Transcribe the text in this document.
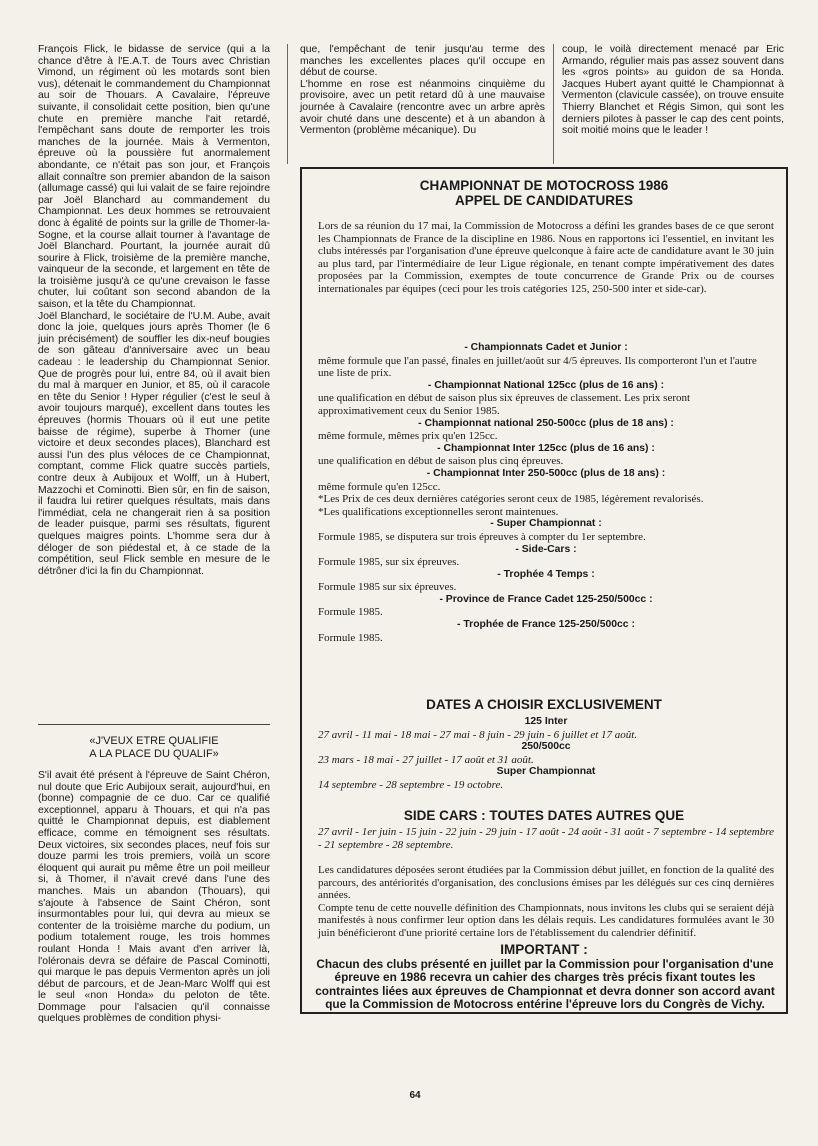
François Flick, le bidasse de service (qui a la chance d'être à l'E.A.T. de Tours avec Christian Vimond, un régiment où les motards sont bien vus), détenait le commandement du Championnat au soir de Thouars. A Cavalaire, l'épreuve suivante, il consolidait cette position, bien qu'une chute en première manche l'ait retardé, l'empêchant sans doute de remporter les trois manches de la journée. Mais à Vermenton, épreuve où la poussière fut anormalement abondante, ce n'était pas son jour, et François allait connaître son premier abandon de la saison (allumage cassé) qui lui valait de se faire rejoindre par Joël Blanchard au commandement du Championnat. Les deux hommes se retrouvaient donc à égalité de points sur la grille de Thomer-la-Sogne, et la course allait tourner à l'avantage de Joël Blanchard. Pourtant, la journée aurait dû sourire à Flick, troisième de la première manche, vainqueur de la seconde, et largement en tête de la troisième jusqu'à ce qu'une crevaison le fasse chuter, lui coûtant son second abandon de la saison, et la tête du Championnat.

Joël Blanchard, le sociétaire de l'U.M. Aube, avait donc la joie, quelques jours après Thomer (le 6 juin précisément) de souffler les dix-neuf bougies de son gâteau d'anniversaire avec un beau cadeau : le leadership du Championnat Senior. Que de progrès pour lui, entre 84, où il avait bien du mal à marquer en Junior, et 85, où il caracole en tête du Senior ! Hyper régulier (c'est le seul à avoir toujours marqué), excellent dans toutes les épreuves (hormis Thouars où il eut une petite baisse de régime), superbe à Thomer (une victoire et deux secondes places), Blanchard est aussi l'un des plus véloces de ce Championnat, comptant, comme Flick quatre succès partiels, contre deux à Aubijoux et Wolff, un à Hubert, Mazzochi et Cominotti. Bien sûr, en fin de saison, il faudra lui retirer quelques résultats, mais dans l'immédiat, cela ne changerait rien à sa position de leader puisque, parmi ses résultats, figurent quelques maigres points. L'homme sera dur à déloger de son piédestal et, à ce stade de la compétition, seul Flick semble en mesure de le détrôner d'ici la fin du Championnat.

«J'VEUX ETRE QUALIFIE
A LA PLACE DU QUALIF»

S'il avait été présent à l'épreuve de Saint Chéron, nul doute que Eric Aubijoux serait, aujourd'hui, en (bonne) compagnie de ce duo. Car ce qualifié exceptionnel, apparu à Thouars, et qui n'a pas quitté le Championnat depuis, est diablement efficace, comme en témoignent ses résultats. Deux victoires, six secondes places, neuf fois sur douze parmi les trois premiers, voilà un score éloquent qui aurait pu même être un poil meilleur si, à Thomer, il n'avait crevé dans l'une des manches. Mais un abandon (Thouars), qui s'ajoute à l'absence de Saint Chéron, sont insurmontables pour lui, qui devra au mieux se contenter de la troisième marche du podium, un podium totalement rouge, les trois hommes roulant Honda ! Mais avant d'en arriver là, l'oléronais devra se défaire de Pascal Cominotti, qui marque le pas depuis Vermenton après un joli début de parcours, et de Jean-Marc Wolff qui est le seul «non Honda» du peloton de tête. Dommage pour l'alsacien qu'il connaisse quelques problèmes de condition physi-

que, l'empêchant de tenir jusqu'au terme des manches les excellentes places qu'il occupe en début de course.

L'homme en rose est néanmoins cinquième du provisoire, avec un petit retard dû à une mauvaise journée à Cavalaire (rencontre avec un arbre après avoir chuté dans une descente) et à un abandon à Vermenton (problème mécanique). Du

coup, le voilà directement menacé par Eric Armando, régulier mais pas assez souvent dans les «gros points» au guidon de sa Honda. Jacques Hubert ayant quitté le Championnat à Vermenton (clavicule cassée), on trouve ensuite Thierry Blanchet et Régis Simon, qui sont les derniers pilotes à passer le cap des cent points, soit moitié moins que le leader !

CHAMPIONNAT DE MOTOCROSS 1986
APPEL DE CANDIDATURES

Lors de sa réunion du 17 mai, la Commission de Motocross a défini les grandes bases de ce que seront les Championnats de France de la discipline en 1986. Nous en rapportons ici l'essentiel, en invitant les clubs intéressés par l'organisation d'une épreuve quelconque à faire acte de candidature avant le 30 juin au plus tard, par l'intermédiaire de leur Ligue régionale, en tenant compte impérativement des dates proposées par la Commission, exemptes de toute concurrence de Grande Prix ou de courses internationales par équipes (ceci pour les trois catégories 125, 250-500 inter et side-car).

- Championnats Cadet et Junior :

même formule que l'an passé, finales en juillet/août sur 4/5 épreuves. Ils comporteront l'un et l'autre une liste de prix.

- Championnat National 125cc (plus de 16 ans) :

une qualification en début de saison plus six épreuves de classement. Les prix seront approximativement ceux du Senior 1985.

- Championnat national 250-500cc (plus de 18 ans) :

même formule, mêmes prix qu'en 125cc.

- Championnat Inter 125cc (plus de 16 ans) :

une qualification en début de saison plus cinq épreuves.

- Championnat Inter 250-500cc (plus de 18 ans) :

même formule qu'en 125cc.

*Les Prix de ces deux dernières catégories seront ceux de 1985, légèrement revalorisés.

*Les qualifications exceptionnelles seront maintenues.

- Super Championnat :

Formule 1985, se disputera sur trois épreuves à compter du 1er septembre.

- Side-Cars :

Formule 1985, sur six épreuves.

- Trophée 4 Temps :

Formule 1985 sur six épreuves.

- Province de France Cadet 125-250/500cc :

Formule 1985.

- Trophée de France 125-250/500cc :

Formule 1985.

DATES A CHOISIR EXCLUSIVEMENT
125 Inter

27 avril - 11 mai - 18 mai - 27 mai - 8 juin - 29 juin - 6 juillet et 17 août.

250/500cc

23 mars - 18 mai - 27 juillet - 17 août et 31 août.

Super Championnat

14 septembre - 28 septembre - 19 octobre.

SIDE CARS : TOUTES DATES AUTRES QUE

27 avril - 1er juin - 15 juin - 22 juin - 29 juin - 17 août - 24 août - 31 août - 7 septembre - 14 septembre - 21 septembre - 28 septembre.

Les candidatures déposées seront étudiées par la Commission début juillet, en fonction de la qualité des parcours, des antériorités d'organisation, des conclusions émises par les délégués sur ces cinq dernières années.

Compte tenu de cette nouvelle définition des Championnats, nous invitons les clubs qui se seraient déjà manifestés à nous confirmer leur option dans les délais requis. Les candidatures formulées avant le 30 juin bénéficieront d'une priorité certaine lors de l'établissement du calendrier définitif.

IMPORTANT :
Chacun des clubs présenté en juillet par la Commission pour l'organisation d'une épreuve en 1986 recevra un cahier des charges très précis fixant toutes les contraintes liées aux épreuves de Championnat et devra donner son accord avant que la Commission de Motocross entérine l'épreuve lors du Congrès de Vichy.
64
